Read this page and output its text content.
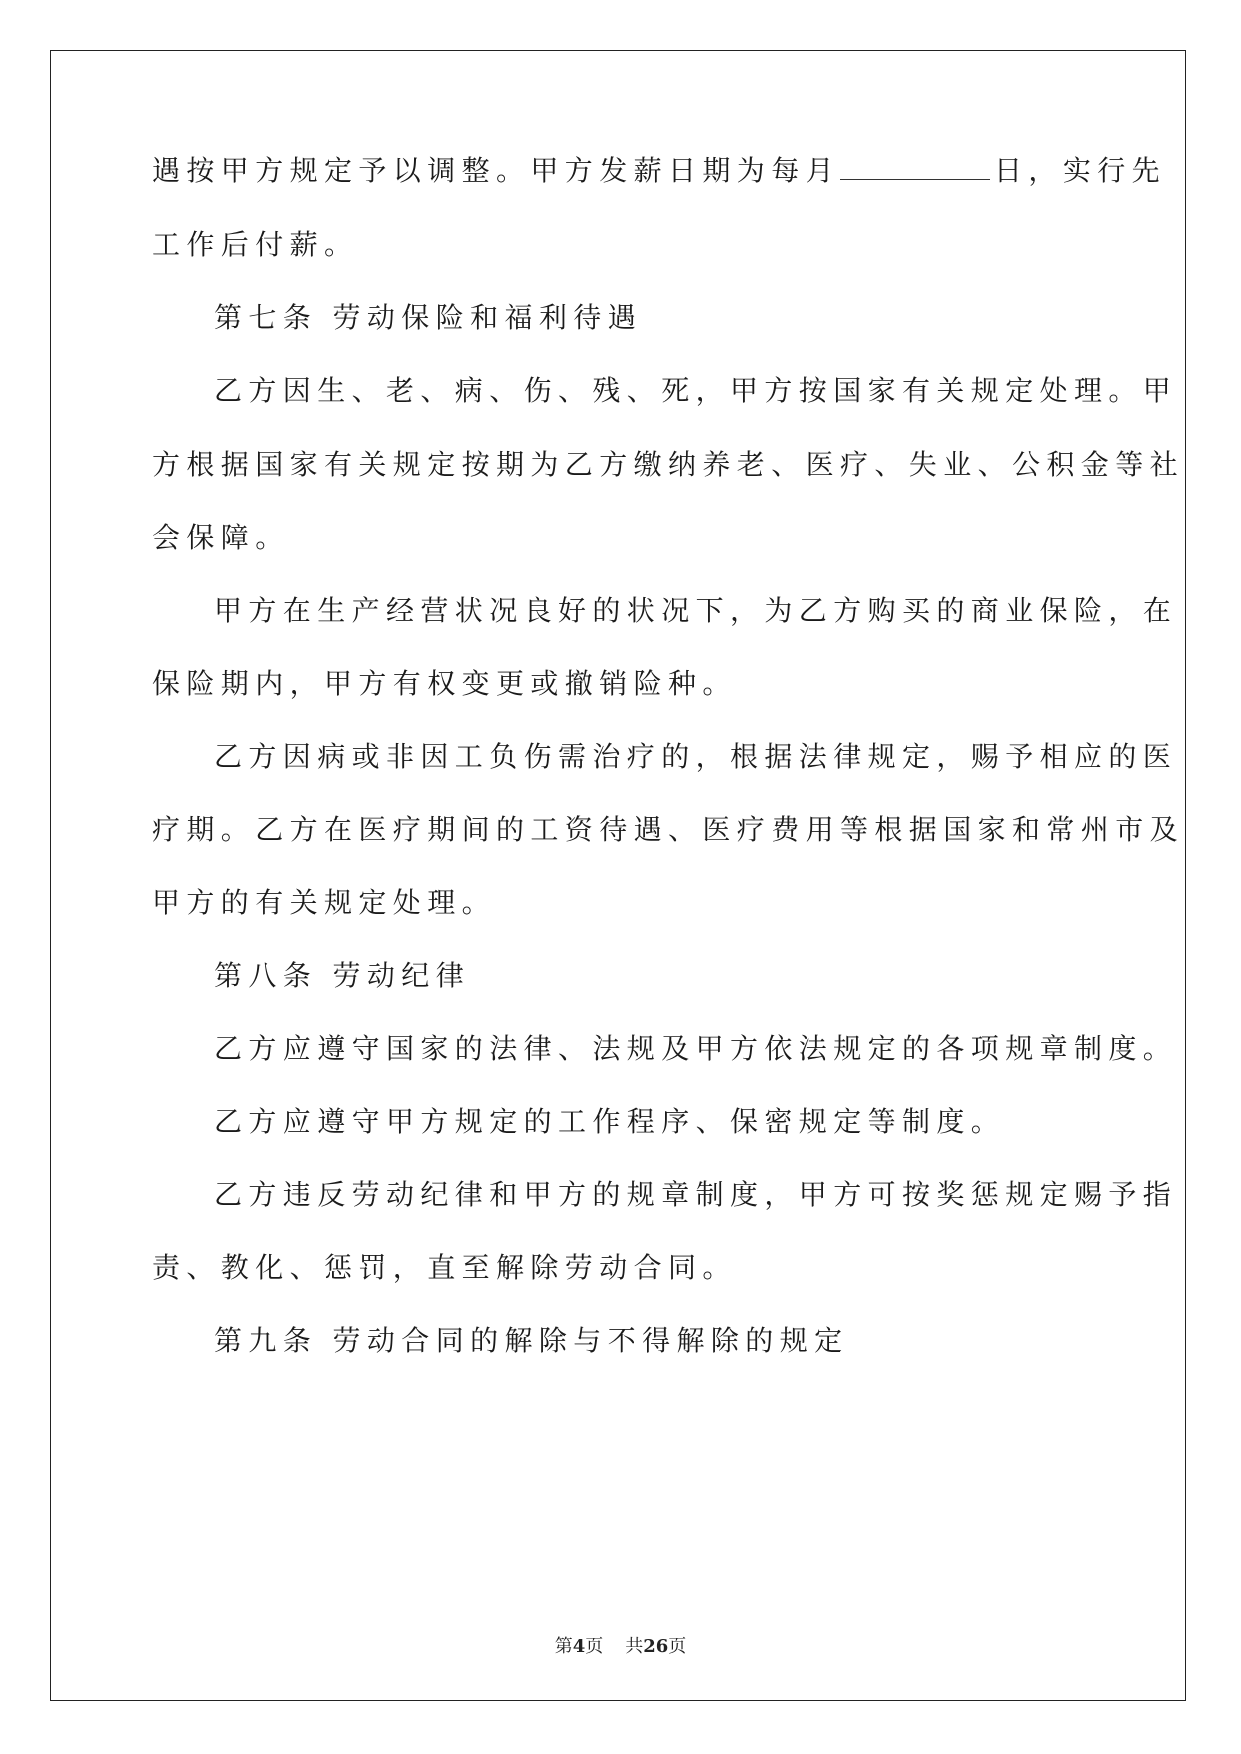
遇按甲方规定予以调整。甲方发薪日期为每月	日，实行先
工作后付薪。
第七条 劳动保险和福利待遇
乙方因生、老、病、伤、残、死，甲方按国家有关规定处理。甲
方根据国家有关规定按期为乙方缴纳养老、医疗、失业、公积金等社
会保障。
甲方在生产经营状况良好的状况下，为乙方购买的商业保险，在
保险期内，甲方有权变更或撤销险种。
乙方因病或非因工负伤需治疗的，根据法律规定，赐予相应的医
疗期。乙方在医疗期间的工资待遇、医疗费用等根据国家和常州市及
甲方的有关规定处理。
第八条 劳动纪律
乙方应遵守国家的法律、法规及甲方依法规定的各项规章制度。
乙方应遵守甲方规定的工作程序、保密规定等制度。
乙方违反劳动纪律和甲方的规章制度，甲方可按奖惩规定赐予指
责、教化、惩罚，直至解除劳动合同。
第九条 劳动合同的解除与不得解除的规定
第4页 共26页
